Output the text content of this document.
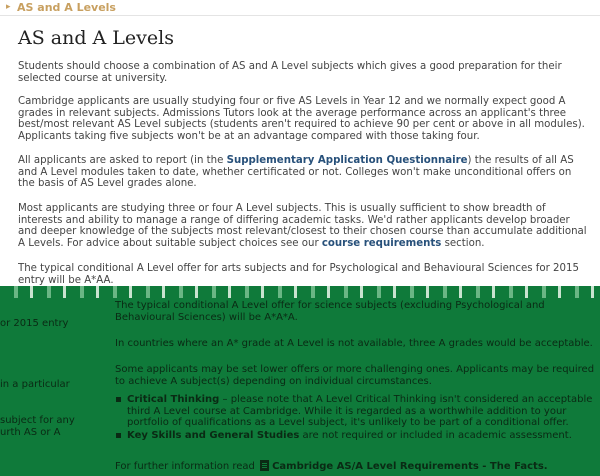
▸ AS and A Levels
AS and A Levels

Students should choose a combination of AS and A Level subjects which gives a good preparation for their selected course at university.

Cambridge applicants are usually studying four or five AS Levels in Year 12 and we normally expect good A grades in relevant subjects. Admissions Tutors look at the average performance across an applicant's three best/most relevant AS Level subjects (students aren't required to achieve 90 per cent or above in all modules). Applicants taking five subjects won't be at an advantage compared with those taking four.

All applicants are asked to report (in the Supplementary Application Questionnaire) the results of all AS and A Level modules taken to date, whether certificated or not. Colleges won't make unconditional offers on the basis of AS Level grades alone.

Most applicants are studying three or four A Level subjects. This is usually sufficient to show breadth of interests and ability to manage a range of differing academic tasks. We'd rather applicants develop broader and deeper knowledge of the subjects most relevant/closest to their chosen course than accumulate additional A Levels. For advice about suitable subject choices see our course requirements section.

The typical conditional A Level offer for arts subjects and for Psychological and Behavioural Sciences for 2015 entry will be A*AA.

or 2015 entry
in a particular
subject for any
urth AS or A

The typical conditional A Level offer for science subjects (excluding Psychological and Behavioural Sciences) will be A*A*A.

In countries where an A* grade at A Level is not available, three A grades would be acceptable.

Some applicants may be set lower offers or more challenging ones. Applicants may be required to achieve A subject(s) depending on individual circumstances.

Critical Thinking – please note that A Level Critical Thinking isn't considered an acceptable third A Level course at Cambridge. While it is regarded as a worthwhile addition to your portfolio of qualifications as a Level subject, it's unlikely to be part of a conditional offer.
Key Skills and General Studies are not required or included in academic assessment.

For further information read Cambridge AS/A Level Requirements - The Facts.
